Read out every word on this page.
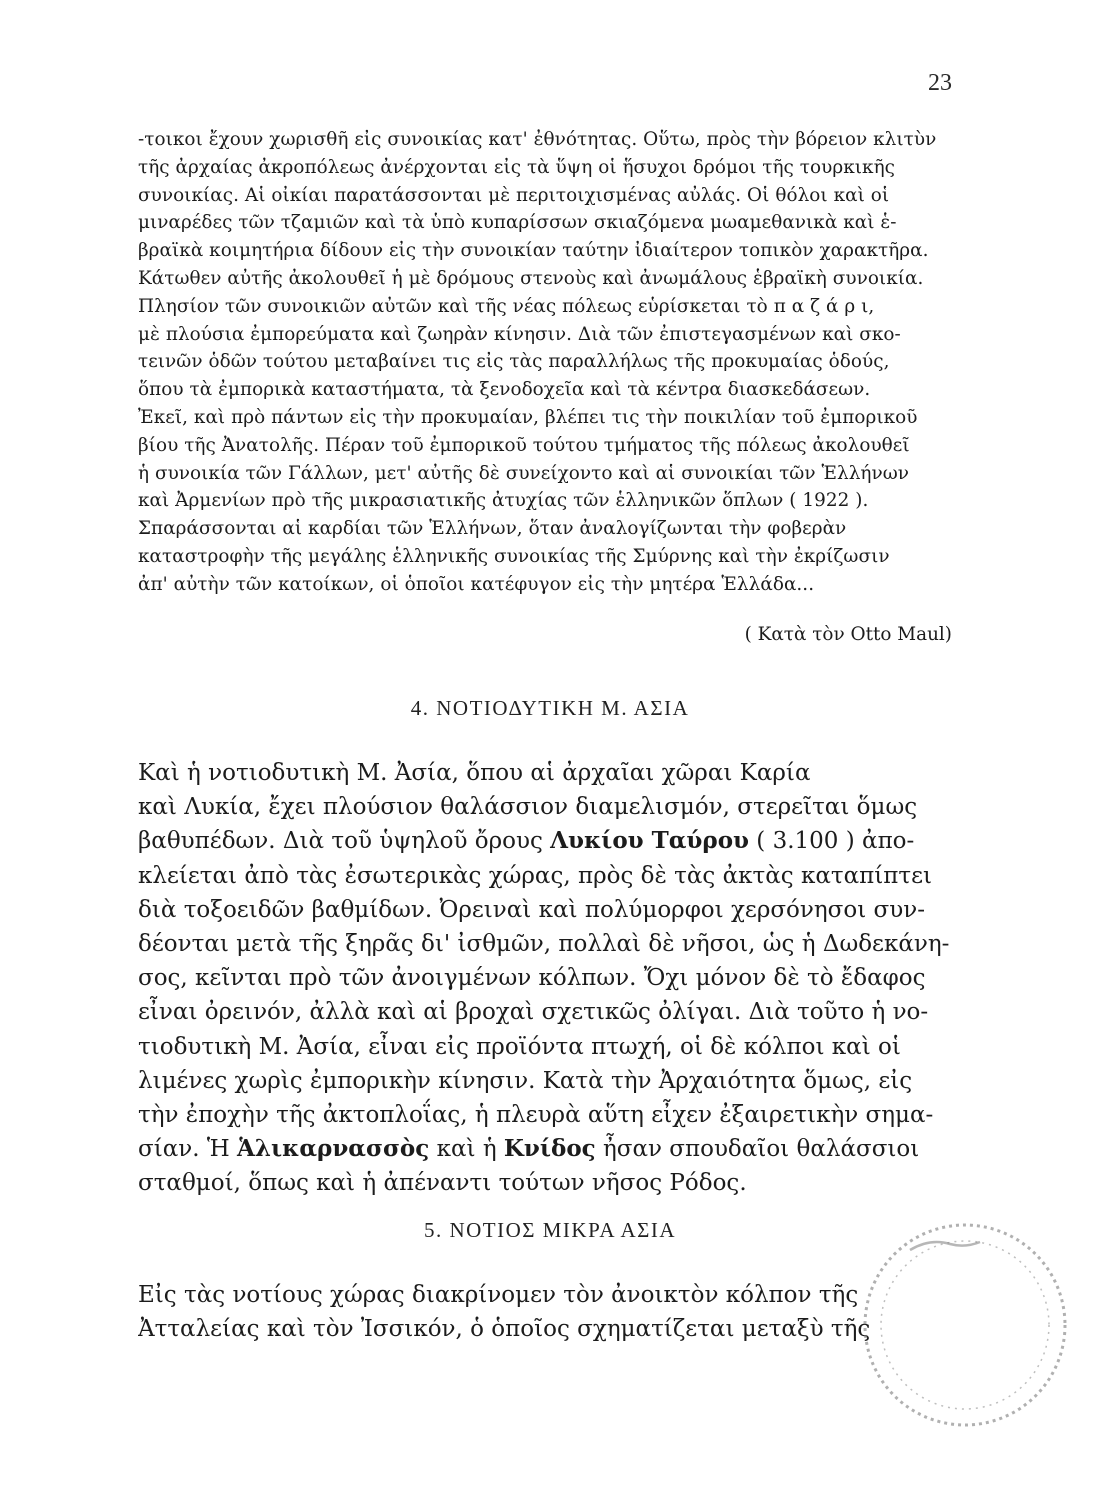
23
-τοικοι ἔχουν χωρισθῆ εἰς συνοικίας κατ' ἐθνότητας. Οὕτω, πρὸς τὴν βόρειον κλιτὺν
τῆς ἀρχαίας ἀκροπόλεως ἀνέρχονται εἰς τὰ ὕψη οἱ ἥσυχοι δρόμοι τῆς τουρκικῆς
συνοικίας. Αἱ οἰκίαι παρατάσσονται μὲ περιτοιχισμένας αὐλάς. Οἱ θόλοι καὶ οἱ
μιναρέδες τῶν τζαμιῶν καὶ τὰ ὑπὸ κυπαρίσσων σκιαζόμενα μωαμεθανικὰ καὶ ἑ-
βραϊκὰ κοιμητήρια δίδουν εἰς τὴν συνοικίαν ταύτην ἰδιαίτερον τοπικὸν χαρακτῆρα.
Κάτωθεν αὐτῆς ἀκολουθεῖ ἡ μὲ δρόμους στενοὺς καὶ ἀνωμάλους ἑβραϊκὴ συνοικία.
Πλησίον τῶν συνοικιῶν αὐτῶν καὶ τῆς νέας πόλεως εὑρίσκεται τὸ π α ζ ά ρ ι,
μὲ πλούσια ἐμπορεύματα καὶ ζωηρὰν κίνησιν. Διὰ τῶν ἐπιστεγασμένων καὶ σκο-
τεινῶν ὁδῶν τούτου μεταβαίνει τις εἰς τὰς παραλλήλως τῆς προκυμαίας ὁδούς,
ὅπου τὰ ἐμπορικὰ καταστήματα, τὰ ξενοδοχεῖα καὶ τὰ κέντρα διασκεδάσεων.
Ἐκεῖ, καὶ πρὸ πάντων εἰς τὴν προκυμαίαν, βλέπει τις τὴν ποικιλίαν τοῦ ἐμπορικοῦ
βίου τῆς Ἀνατολῆς. Πέραν τοῦ ἐμπορικοῦ τούτου τμήματος τῆς πόλεως ἀκολουθεῖ
ἡ συνοικία τῶν Γάλλων, μετ' αὐτῆς δὲ συνείχοντο καὶ αἱ συνοικίαι τῶν Ἑλλήνων
καὶ Ἀρμενίων πρὸ τῆς μικρασιατικῆς ἀτυχίας τῶν ἑλληνικῶν ὅπλων ( 1922 ).
Σπαράσσονται αἱ καρδίαι τῶν Ἑλλήνων, ὅταν ἀναλογίζωνται τὴν φοβερὰν
καταστροφὴν τῆς μεγάλης ἑλληνικῆς συνοικίας τῆς Σμύρνης καὶ τὴν ἐκρίζωσιν
ἀπ' αὐτὴν τῶν κατοίκων, οἱ ὁποῖοι κατέφυγον εἰς τὴν μητέρα Ἑλλάδα...
( Κατὰ τὸν Otto Maul)
4. ΝΟΤΙΟΔΥΤΙΚΗ Μ. ΑΣΙΑ
Καὶ ἡ νοτιοδυτικὴ Μ. Ἀσία, ὅπου αἱ ἀρχαῖαι χῶραι Καρία
καὶ Λυκία, ἔχει πλούσιον θαλάσσιον διαμελισμόν, στερεῖται ὅμως
βαθυπέδων. Διὰ τοῦ ὑψηλοῦ ὄρους Λυκίου Ταύρου ( 3.100 ) ἀπο-
κλείεται ἀπὸ τὰς ἐσωτερικὰς χώρας, πρὸς δὲ τὰς ἀκτὰς καταπίπτει
διὰ τοξοειδῶν βαθμίδων. Ὀρειναὶ καὶ πολύμορφοι χερσόνησοι συν-
δέονται μετὰ τῆς ξηρᾶς δι' ἰσθμῶν, πολλαὶ δὲ νῆσοι, ὡς ἡ Δωδεκάνη-
σος, κεῖνται πρὸ τῶν ἀνοιγμένων κόλπων. Ὄχι μόνον δὲ τὸ ἔδαφος
εἶναι ὀρεινόν, ἀλλὰ καὶ αἱ βροχαὶ σχετικῶς ὀλίγαι. Διὰ τοῦτο ἡ νο-
τιοδυτικὴ Μ. Ἀσία, εἶναι εἰς προϊόντα πτωχή, οἱ δὲ κόλποι καὶ οἱ
λιμένες χωρὶς ἐμπορικὴν κίνησιν. Κατὰ τὴν Ἀρχαιότητα ὅμως, εἰς
τὴν ἐποχὴν τῆς ἀκτοπλοΐας, ἡ πλευρὰ αὕτη εἶχεν ἐξαιρετικὴν σημα-
σίαν. Ἡ Ἁλικαρνασσὸς καὶ ἡ Κνίδος ἦσαν σπουδαῖοι θαλάσσιοι
σταθμοί, ὅπως καὶ ἡ ἀπέναντι τούτων νῆσος Ρόδος.
5. ΝΟΤΙΟΣ ΜΙΚΡΑ ΑΣΙΑ
Εἰς τὰς νοτίους χώρας διακρίνομεν τὸν ἀνοικτὸν κόλπον τῆς
Ἀτταλείας καὶ τὸν Ἰσσικόν, ὁ ὁποῖος σχηματίζεται μεταξὺ τῆς
